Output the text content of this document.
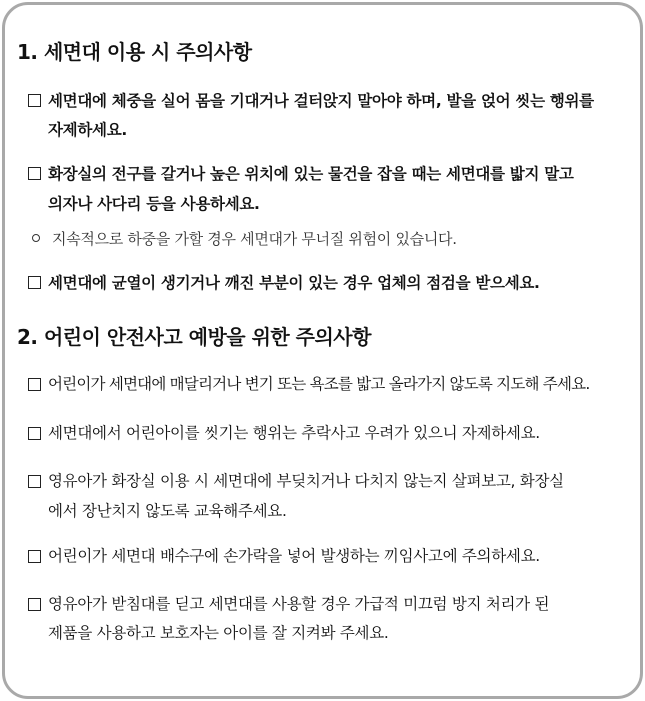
1. 세면대 이용 시 주의사항
세면대에 체중을 실어 몸을 기대거나 걸터앉지 말아야 하며, 발을 얹어 씻는 행위를
자제하세요.
화장실의 전구를 갈거나 높은 위치에 있는 물건을 잡을 때는 세면대를 밟지 말고
의자나 사다리 등을 사용하세요.
지속적으로 하중을 가할 경우 세면대가 무너질 위험이 있습니다.
세면대에 균열이 생기거나 깨진 부분이 있는 경우 업체의 점검을 받으세요.
2. 어린이 안전사고 예방을 위한 주의사항
어린이가 세면대에 매달리거나 변기 또는 욕조를 밟고 올라가지 않도록 지도해 주세요.
세면대에서 어린아이를 씻기는 행위는 추락사고 우려가 있으니 자제하세요.
영유아가 화장실 이용 시 세면대에 부딪치거나 다치지 않는지 살펴보고, 화장실
에서 장난치지 않도록 교육해주세요.
어린이가 세면대 배수구에 손가락을 넣어 발생하는 끼임사고에 주의하세요.
영유아가 받침대를 딛고 세면대를 사용할 경우 가급적 미끄럼 방지 처리가 된
제품을 사용하고 보호자는 아이를 잘 지켜봐 주세요.
